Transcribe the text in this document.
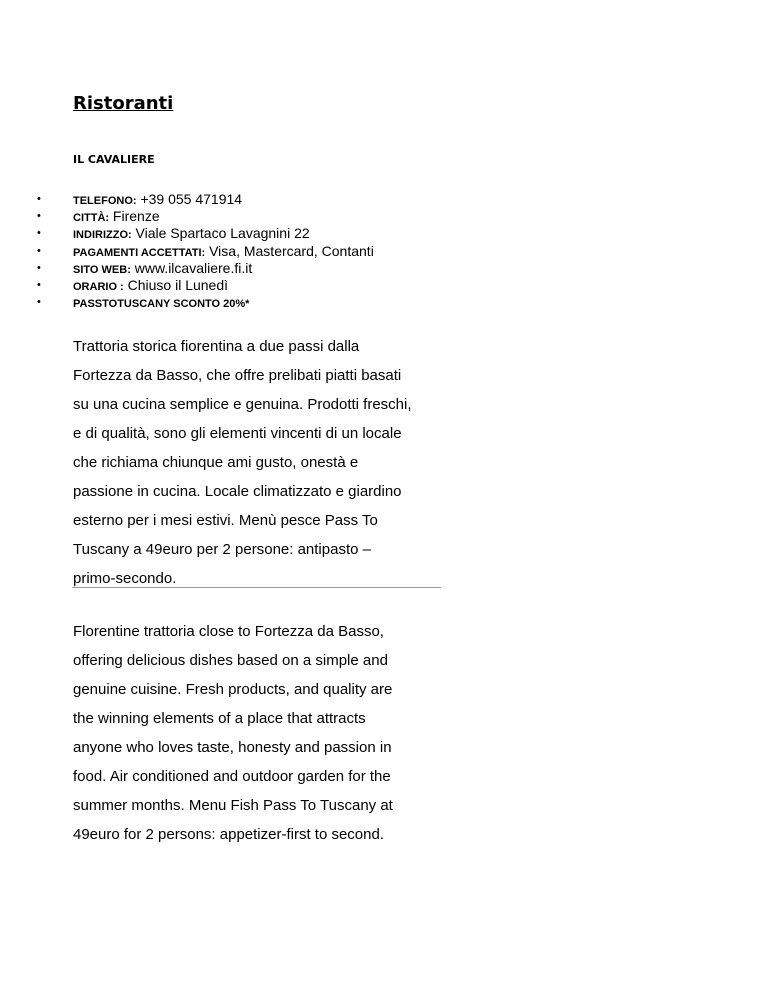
Ristoranti
IL CAVALIERE
•	TELEFONO: +39 055 471914
•	CITTÀ: Firenze
•	INDIRIZZO: Viale Spartaco Lavagnini 22
•	PAGAMENTI ACCETTATI: Visa, Mastercard, Contanti
•	SITO WEB: www.ilcavaliere.fi.it
•	ORARIO : Chiuso il Lunedì
•	PASSTOTUSCANY SCONTO 20%*
Trattoria storica fiorentina a due passi dalla
Fortezza da Basso, che offre prelibati piatti basati
su una cucina semplice e genuina. Prodotti freschi,
e di qualità, sono gli elementi vincenti di un locale
che richiama chiunque ami gusto, onestà e
passione in cucina. Locale climatizzato e giardino
esterno per i mesi estivi. Menù pesce Pass To
Tuscany a 49euro per 2 persone: antipasto –
primo-secondo.
Florentine trattoria close to Fortezza da Basso,
offering delicious dishes based on a simple and
genuine cuisine. Fresh products, and quality are
the winning elements of a place that attracts
anyone who loves taste, honesty and passion in
food. Air conditioned and outdoor garden for the
summer months. Menu Fish Pass To Tuscany at
49euro for 2 persons: appetizer-first to second.
